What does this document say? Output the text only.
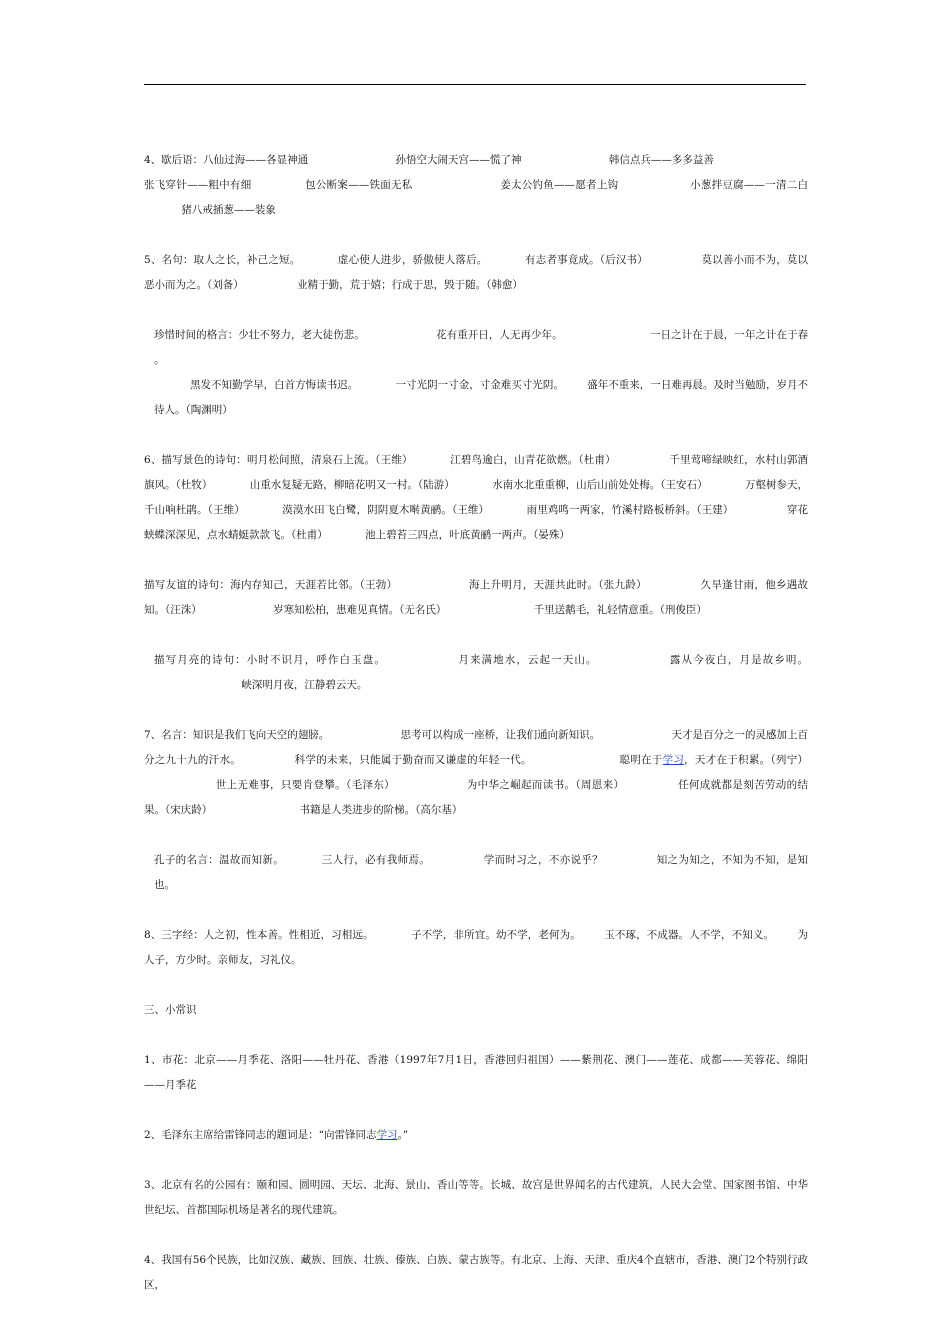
4、歇后语：八仙过海——各显神通	孙悟空大闹天宫——慌了神	韩信点兵——多多益善
张飞穿针——粗中有细	包公断案——铁面无私	姜太公钓鱼——愿者上钩	小葱拌豆腐——一清二白 猪八戒插葱——装象

5、名句：取人之长，补己之短。	虚心使人进步，骄傲使人落后。	有志者事竟成。（后汉书）	莫以善小而不为，莫以恶小而为之。（刘备）	业精于勤，荒于嬉；行成于思，毁于随。（韩愈）

珍惜时间的格言：少壮不努力，老大徒伤悲。	花有重开日，人无再少年。	一日之计在于晨，一年之计在于春 。
黑发不知勤学早，白首方悔读书迟。	一寸光阴一寸金，寸金难买寸光阴。 盛年不重来，一日难再晨。及时当勉励，岁月不待人。（陶渊明）

6、描写景色的诗句：明月松间照，清泉石上流。（王维）	江碧鸟逾白，山青花欲燃。（杜甫）	千里莺啼绿映红，水村山郭酒旗风。（杜牧）	山重水复疑无路，柳暗花明又一村。（陆游）	水南水北重重柳，山后山前处处梅。（王安石）	万壑树参天，千山响杜鹃。（王维）	漠漠水田飞白鹭，阴阴夏木啭黄鹂。（王维）	雨里鸡鸣一两家，竹溪村路板桥斜。（王建）	穿花蛱蝶深深见，点水蜻蜓款款飞。（杜甫）	池上碧苔三四点，叶底黄鹂一两声。（晏殊）

描写友谊的诗句：海内存知己，天涯若比邻。（王勃）	海上升明月，天涯共此时。（张九龄）	久旱逢甘雨，他乡遇故知。（汪洙）	岁寒知松柏，患难见真情。（无名氏）	千里送鹅毛，礼轻情意重。（刑俊臣）

描写月亮的诗句：小时不识月，呼作白玉盘。	月来满地水，云起一天山。	露从今夜白，月是故乡明。 峡深明月夜，江静碧云天。

7、名言：知识是我们飞向天空的翅膀。	思考可以构成一座桥，让我们通向新知识。	天才是百分之一的灵感加上百分之九十九的汗水。	科学的未来，只能属于勤奋而又谦虚的年轻一代。	聪明在于学习，天才在于积累。（列宁） 世上无难事，只要肯登攀。（毛泽东）	为中华之崛起而读书。（周恩来）	任何成就都是刻苦劳动的结果。（宋庆龄）	书籍是人类进步的阶梯。（高尔基）

孔子的名言：温故而知新。	三人行，必有我师焉。	学而时习之，不亦说乎？	知之为知之，不知为不知，是知也。

8、三字经：人之初，性本善。性相近，习相远。	子不学，非所宜。幼不学，老何为。 玉不琢，不成器。人不学，不知义。 为人子，方少时。亲师友，习礼仪。

三、小常识

1、市花：北京——月季花、洛阳——牡丹花、香港（1997年7月1日，香港回归祖国）——紫荆花、澳门——莲花、成都——芙蓉花、绵阳——月季花

2、毛泽东主席给雷锋同志的题词是：“向雷锋同志学习。”

3、北京有名的公园有：颐和园、圆明园、天坛、北海、景山、香山等等。长城、故宫是世界闻名的古代建筑，人民大会堂、国家图书馆、中华世纪坛、首都国际机场是著名的现代建筑。

4、我国有56个民族，比如汉族、藏族、回族、壮族、傣族、白族、蒙古族等。有北京、上海、天津、重庆4个直辖市，香港、澳门2个特别行政区，
